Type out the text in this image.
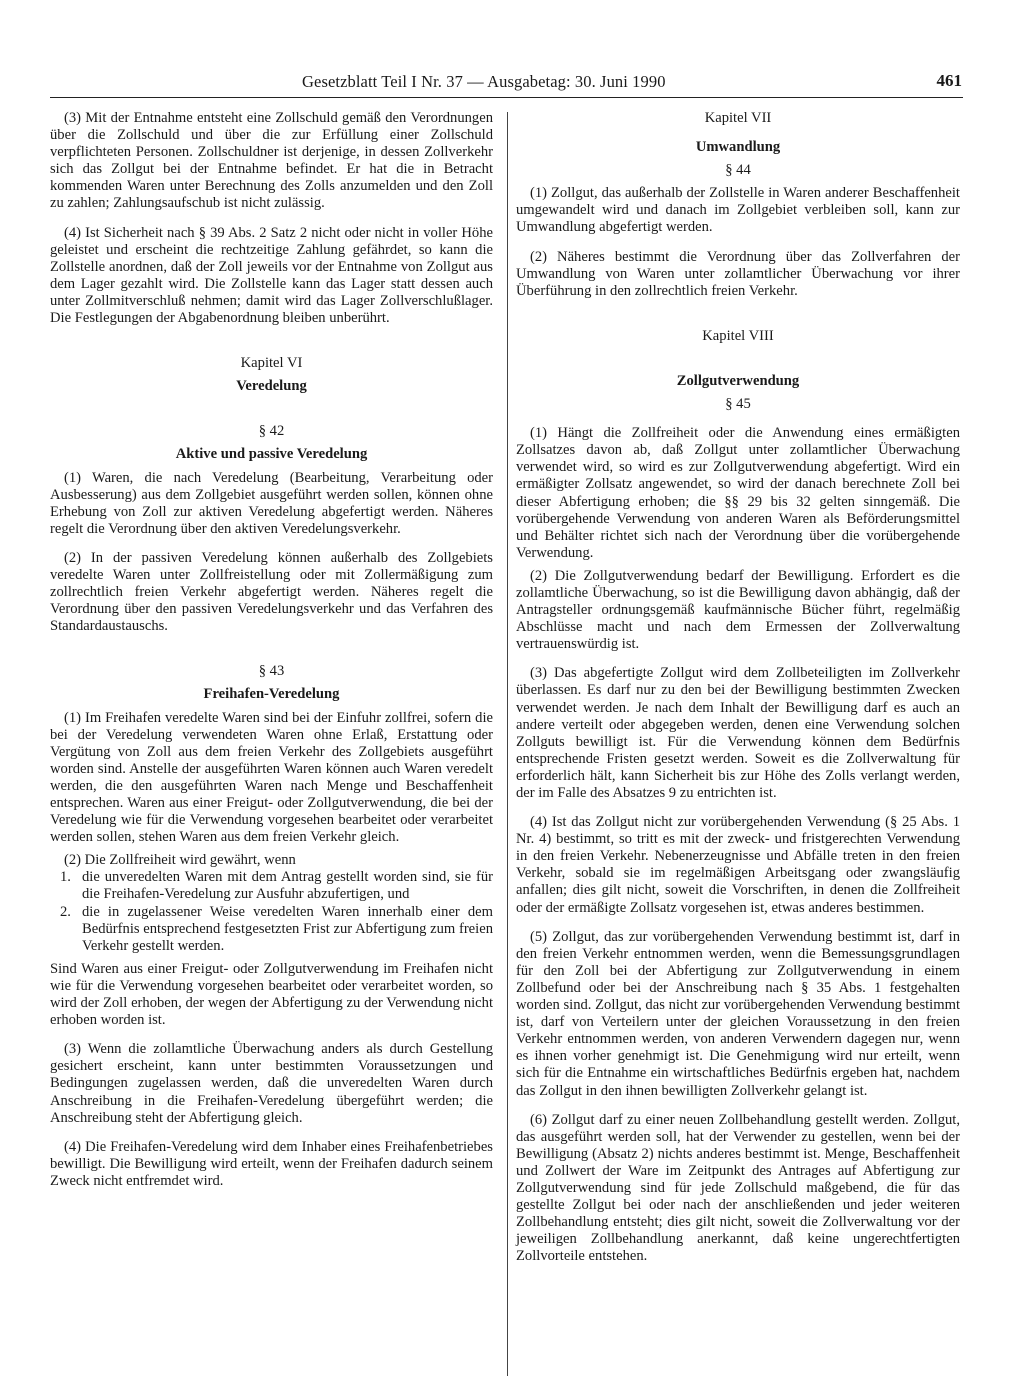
Gesetzblatt Teil I Nr. 37 — Ausgabetag: 30. Juni 1990	461

(3) Mit der Entnahme entsteht eine Zollschuld gemäß den Verordnungen über die Zollschuld und über die zur Erfüllung einer Zollschuld verpflichteten Personen. Zollschuldner ist derjenige, in dessen Zollverkehr sich das Zollgut bei der Entnahme befindet. Er hat die in Betracht kommenden Waren unter Berechnung des Zolls anzumelden und den Zoll zu zahlen; Zahlungsaufschub ist nicht zulässig.

(4) Ist Sicherheit nach § 39 Abs. 2 Satz 2 nicht oder nicht in voller Höhe geleistet und erscheint die rechtzeitige Zahlung gefährdet, so kann die Zollstelle anordnen, daß der Zoll jeweils vor der Entnahme von Zollgut aus dem Lager gezahlt wird. Die Zollstelle kann das Lager statt dessen auch unter Zollmitverschluß nehmen; damit wird das Lager Zollverschlußlager. Die Festlegungen der Abgabenordnung bleiben unberührt.

Kapitel VI

Veredelung

§ 42

Aktive und passive Veredelung

(1) Waren, die nach Veredelung (Bearbeitung, Verarbeitung oder Ausbesserung) aus dem Zollgebiet ausgeführt werden sollen, können ohne Erhebung von Zoll zur aktiven Veredelung abgefertigt werden. Näheres regelt die Verordnung über den aktiven Veredelungsverkehr.

(2) In der passiven Veredelung können außerhalb des Zollgebiets veredelte Waren unter Zollfreistellung oder mit Zollermäßigung zum zollrechtlich freien Verkehr abgefertigt werden. Näheres regelt die Verordnung über den passiven Veredelungsverkehr und das Verfahren des Standardaustauschs.

§ 43

Freihafen-Veredelung

(1) Im Freihafen veredelte Waren sind bei der Einfuhr zollfrei, sofern die bei der Veredelung verwendeten Waren ohne Erlaß, Erstattung oder Vergütung von Zoll aus dem freien Verkehr des Zollgebiets ausgeführt worden sind. Anstelle der ausgeführten Waren können auch Waren veredelt werden, die den ausgeführten Waren nach Menge und Beschaffenheit entsprechen. Waren aus einer Freigut- oder Zollgutverwendung, die bei der Veredelung wie für die Verwendung vorgesehen bearbeitet oder verarbeitet werden sollen, stehen Waren aus dem freien Verkehr gleich.

(2) Die Zollfreiheit wird gewährt, wenn

1. die unveredelten Waren mit dem Antrag gestellt worden sind, sie für die Freihafen-Veredelung zur Ausfuhr abzufertigen, und
2. die in zugelassener Weise veredelten Waren innerhalb einer dem Bedürfnis entsprechend festgesetzten Frist zur Abfertigung zum freien Verkehr gestellt werden.

Sind Waren aus einer Freigut- oder Zollgutverwendung im Freihafen nicht wie für die Verwendung vorgesehen bearbeitet oder verarbeitet worden, so wird der Zoll erhoben, der wegen der Abfertigung zu der Verwendung nicht erhoben worden ist.

(3) Wenn die zollamtliche Überwachung anders als durch Gestellung gesichert erscheint, kann unter bestimmten Voraussetzungen und Bedingungen zugelassen werden, daß die unveredelten Waren durch Anschreibung in die Freihafen-Veredelung übergeführt werden; die Anschreibung steht der Abfertigung gleich.

(4) Die Freihafen-Veredelung wird dem Inhaber eines Freihafenbetriebes bewilligt. Die Bewilligung wird erteilt, wenn der Freihafen dadurch seinem Zweck nicht entfremdet wird.

Kapitel VII

Umwandlung

§ 44

(1) Zollgut, das außerhalb der Zollstelle in Waren anderer Beschaffenheit umgewandelt wird und danach im Zollgebiet verbleiben soll, kann zur Umwandlung abgefertigt werden.

(2) Näheres bestimmt die Verordnung über das Zollverfahren der Umwandlung von Waren unter zollamtlicher Überwachung vor ihrer Überführung in den zollrechtlich freien Verkehr.

Kapitel VIII

Zollgutverwendung

§ 45

(1) Hängt die Zollfreiheit oder die Anwendung eines ermäßigten Zollsatzes davon ab, daß Zollgut unter zollamtlicher Überwachung verwendet wird, so wird es zur Zollgutverwendung abgefertigt. Wird ein ermäßigter Zollsatz angewendet, so wird der danach berechnete Zoll bei dieser Abfertigung erhoben; die §§ 29 bis 32 gelten sinngemäß. Die vorübergehende Verwendung von anderen Waren als Beförderungsmittel und Behälter richtet sich nach der Verordnung über die vorübergehende Verwendung.

(2) Die Zollgutverwendung bedarf der Bewilligung. Erfordert es die zollamtliche Überwachung, so ist die Bewilligung davon abhängig, daß der Antragsteller ordnungsgemäß kaufmännische Bücher führt, regelmäßig Abschlüsse macht und nach dem Ermessen der Zollverwaltung vertrauenswürdig ist.

(3) Das abgefertigte Zollgut wird dem Zollbeteiligten im Zollverkehr überlassen. Es darf nur zu den bei der Bewilligung bestimmten Zwecken verwendet werden. Je nach dem Inhalt der Bewilligung darf es auch an andere verteilt oder abgegeben werden, denen eine Verwendung solchen Zollguts bewilligt ist. Für die Verwendung können dem Bedürfnis entsprechende Fristen gesetzt werden. Soweit es die Zollverwaltung für erforderlich hält, kann Sicherheit bis zur Höhe des Zolls verlangt werden, der im Falle des Absatzes 9 zu entrichten ist.

(4) Ist das Zollgut nicht zur vorübergehenden Verwendung (§ 25 Abs. 1 Nr. 4) bestimmt, so tritt es mit der zweck- und fristgerechten Verwendung in den freien Verkehr. Nebenerzeugnisse und Abfälle treten in den freien Verkehr, sobald sie im regelmäßigen Arbeitsgang oder zwangsläufig anfallen; dies gilt nicht, soweit die Vorschriften, in denen die Zollfreiheit oder der ermäßigte Zollsatz vorgesehen ist, etwas anderes bestimmen.

(5) Zollgut, das zur vorübergehenden Verwendung bestimmt ist, darf in den freien Verkehr entnommen werden, wenn die Bemessungsgrundlagen für den Zoll bei der Abfertigung zur Zollgutverwendung in einem Zollbefund oder bei der Anschreibung nach § 35 Abs. 1 festgehalten worden sind. Zollgut, das nicht zur vorübergehenden Verwendung bestimmt ist, darf von Verteilern unter der gleichen Voraussetzung in den freien Verkehr entnommen werden, von anderen Verwendern dagegen nur, wenn es ihnen vorher genehmigt ist. Die Genehmigung wird nur erteilt, wenn sich für die Entnahme ein wirtschaftliches Bedürfnis ergeben hat, nachdem das Zollgut in den ihnen bewilligten Zollverkehr gelangt ist.

(6) Zollgut darf zu einer neuen Zollbehandlung gestellt werden. Zollgut, das ausgeführt werden soll, hat der Verwender zu gestellen, wenn bei der Bewilligung (Absatz 2) nichts anderes bestimmt ist. Menge, Beschaffenheit und Zollwert der Ware im Zeitpunkt des Antrages auf Abfertigung zur Zollgutverwendung sind für jede Zollschuld maßgebend, die für das gestellte Zollgut bei oder nach der anschließenden und jeder weiteren Zollbehandlung entsteht; dies gilt nicht, soweit die Zollverwaltung vor der jeweiligen Zollbehandlung anerkannt, daß keine ungerechtfertigten Zollvorteile entstehen.
